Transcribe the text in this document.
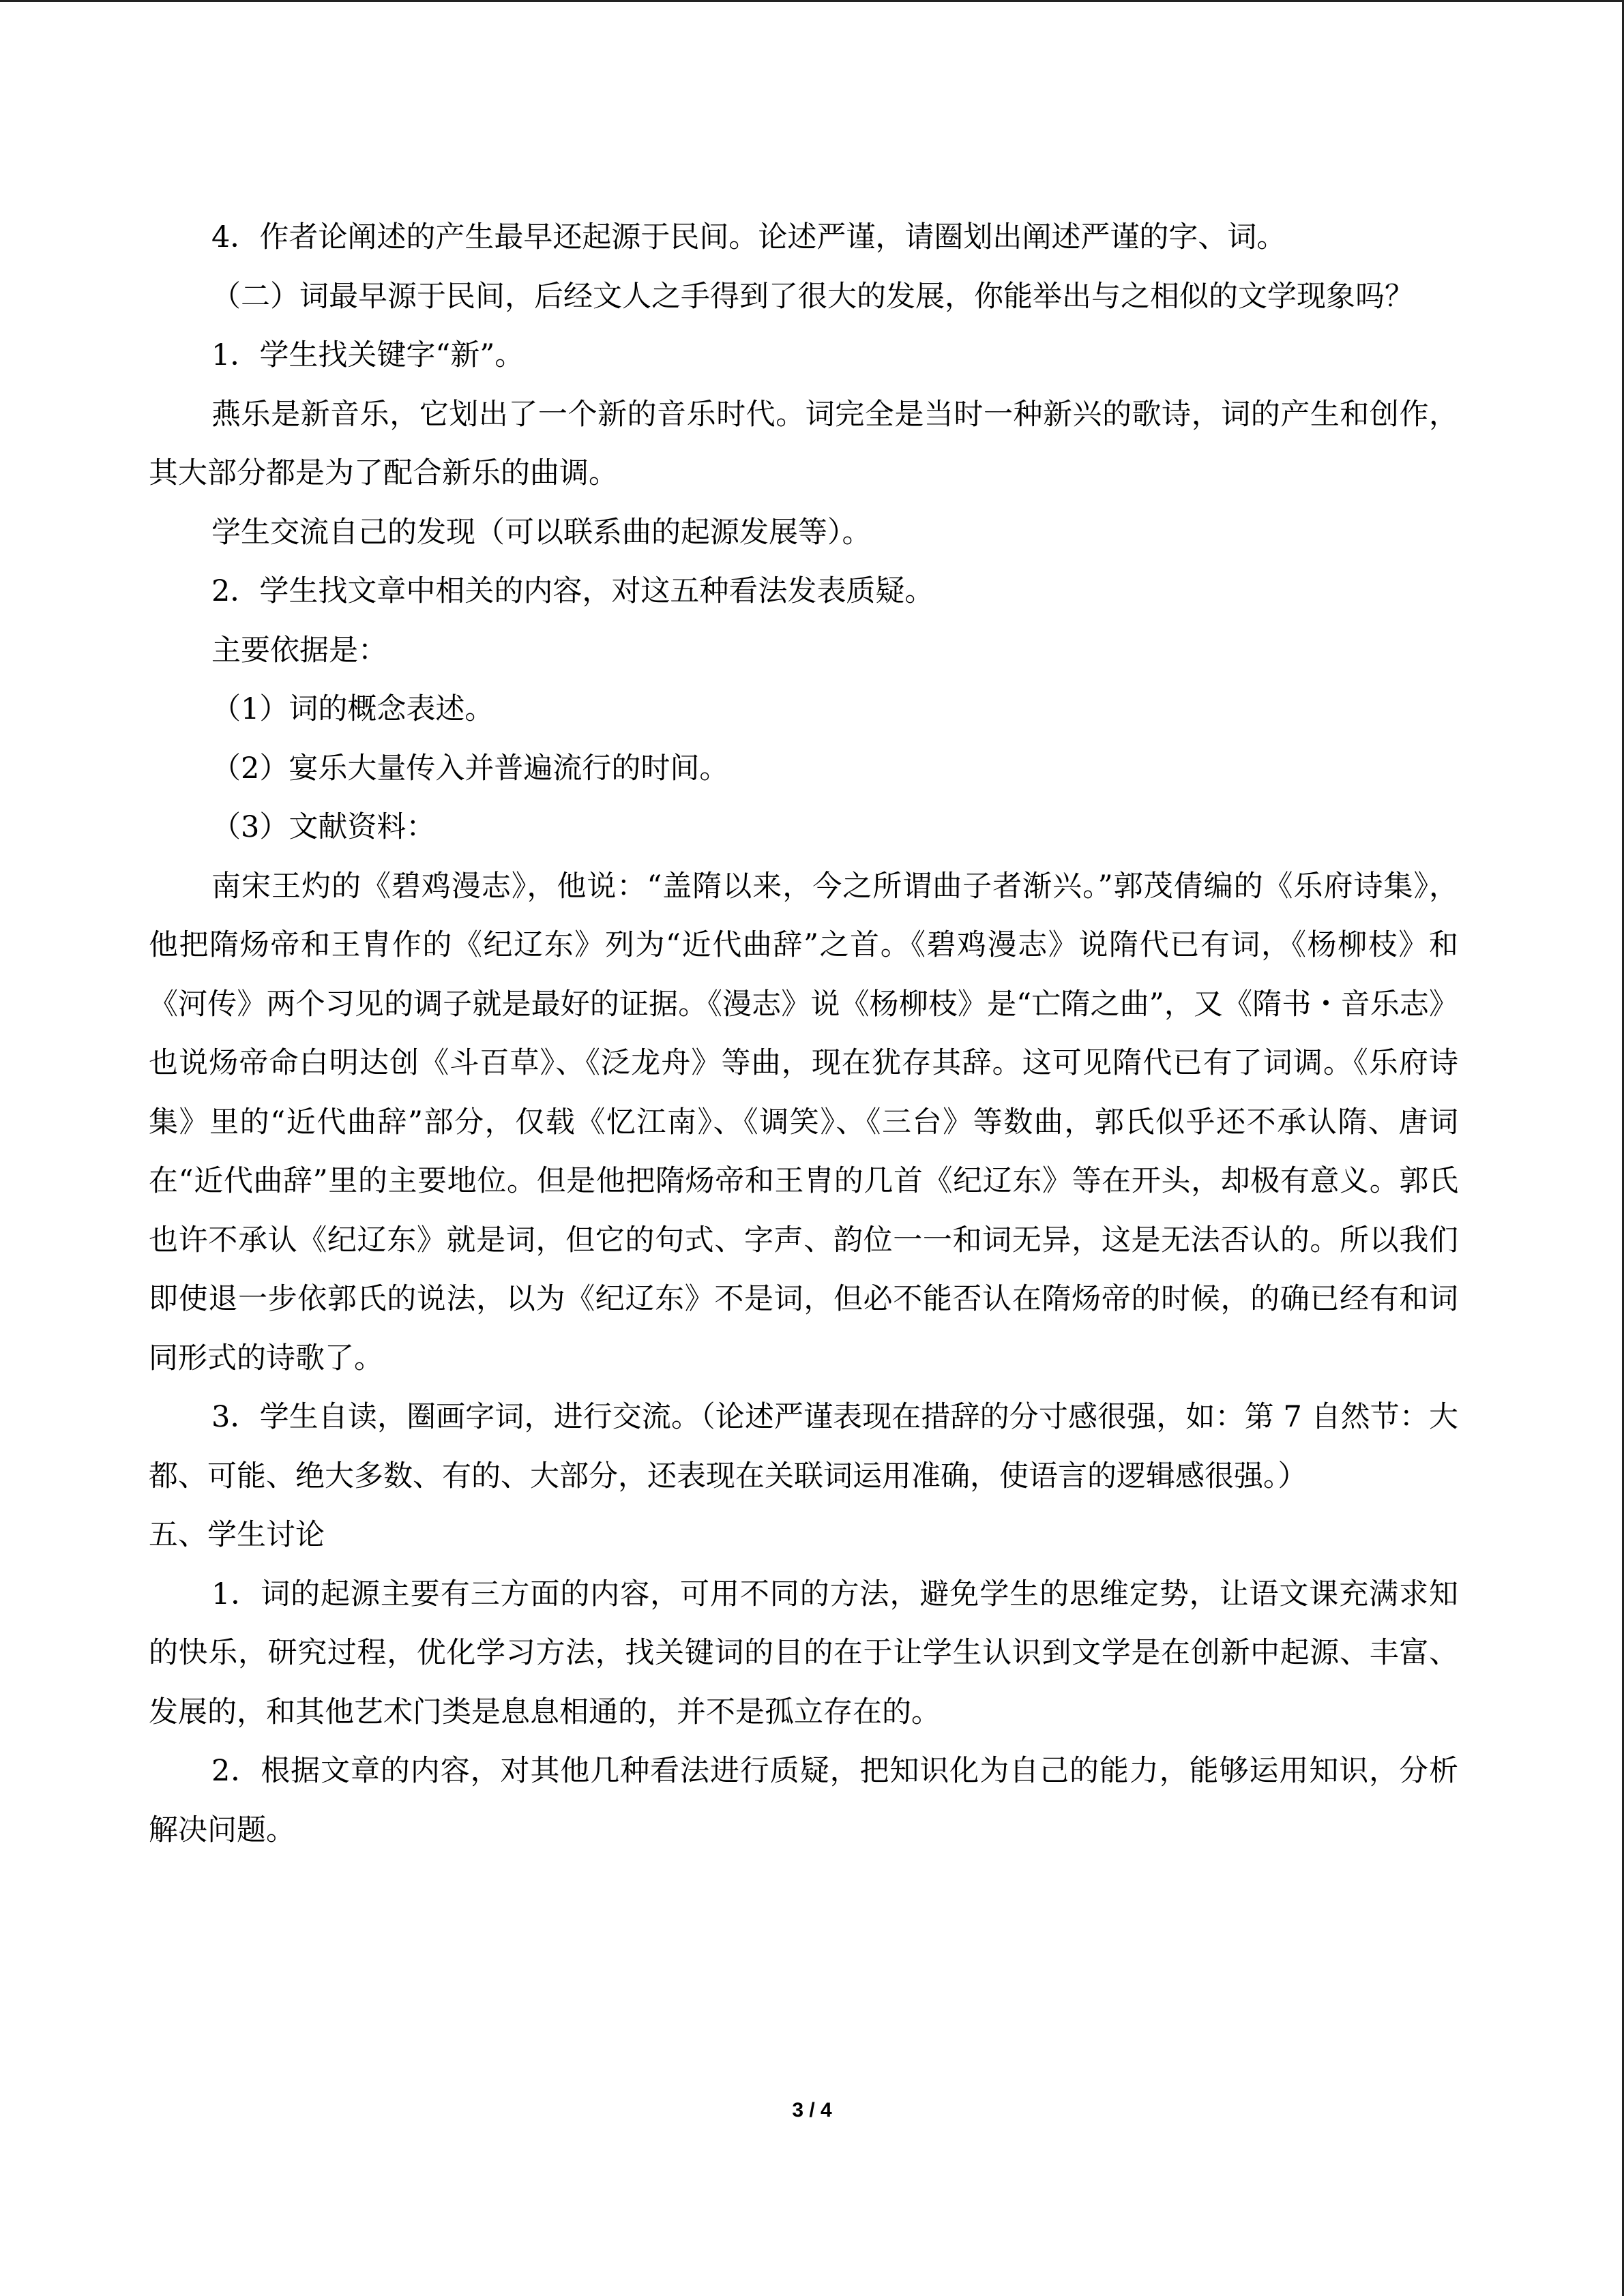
4．作者论阐述的产生最早还起源于民间。论述严谨，请圈划出阐述严谨的字、词。

（二）词最早源于民间，后经文人之手得到了很大的发展，你能举出与之相似的文学现象吗？

1．学生找关键字“新”。

燕乐是新音乐，它划出了一个新的音乐时代。词完全是当时一种新兴的歌诗，词的产生和创作，其大部分都是为了配合新乐的曲调。

学生交流自己的发现（可以联系曲的起源发展等）。

2．学生找文章中相关的内容，对这五种看法发表质疑。

主要依据是：

（1）词的概念表述。

（2）宴乐大量传入并普遍流行的时间。

（3）文献资料：

南宋王灼的《碧鸡漫志》，他说：“盖隋以来，今之所谓曲子者渐兴。”郭茂倩编的《乐府诗集》，他把隋炀帝和王胄作的《纪辽东》列为“近代曲辞”之首。《碧鸡漫志》说隋代已有词，《杨柳枝》和《河传》两个习见的调子就是最好的证据。《漫志》说《杨柳枝》是“亡隋之曲”，又《隋书・音乐志》也说炀帝命白明达创《斗百草》、《泛龙舟》等曲，现在犹存其辞。这可见隋代已有了词调。《乐府诗集》里的“近代曲辞”部分，仅载《忆江南》、《调笑》、《三台》等数曲，郭氏似乎还不承认隋、唐词在“近代曲辞”里的主要地位。但是他把隋炀帝和王胄的几首《纪辽东》等在开头，却极有意义。郭氏也许不承认《纪辽东》就是词，但它的句式、字声、韵位一一和词无异，这是无法否认的。所以我们即使退一步依郭氏的说法，以为《纪辽东》不是词，但必不能否认在隋炀帝的时候，的确已经有和词同形式的诗歌了。

3．学生自读，圈画字词，进行交流。（论述严谨表现在措辞的分寸感很强，如：第 7 自然节：大都、可能、绝大多数、有的、大部分，还表现在关联词运用准确，使语言的逻辑感很强。）

五、学生讨论

1．词的起源主要有三方面的内容，可用不同的方法，避免学生的思维定势，让语文课充满求知的快乐，研究过程，优化学习方法，找关键词的目的在于让学生认识到文学是在创新中起源、丰富、发展的，和其他艺术门类是息息相通的，并不是孤立存在的。

2．根据文章的内容，对其他几种看法进行质疑，把知识化为自己的能力，能够运用知识，分析解决问题。

3 / 4
